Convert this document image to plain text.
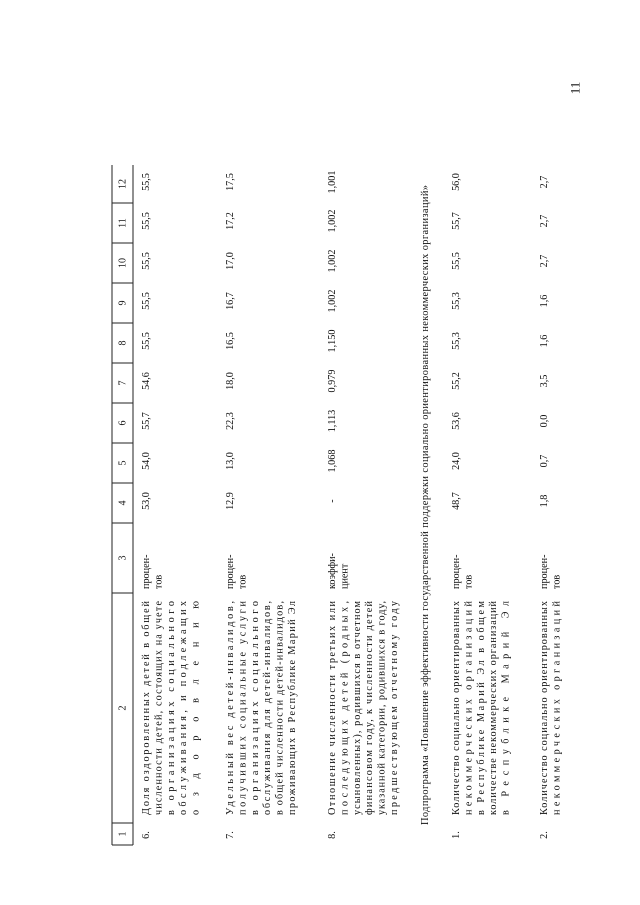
11
1
2
3
4
5
6
7
8
9
10
11
12
6.
Доля оздоровленных детей в общей
численности детей, состоящих на учете
в организациях социального
обслуживания, и подлежащих
оздоровлению
процен- тов
53,0
54,0
55,7
54,6
55,5
55,5
55,5
55,5
55,5
7.
Удельный вес детей-инвалидов,
получивших социальные услуги
в организациях социального
обслуживания для детей-инвалидов,
в общей численности детей-инвалидов,
проживающих в Республике Марий Эл
процен- тов
12,9
13,0
22,3
18,0
16,5
16,7
17,0
17,2
17,5
8.
Отношение численности третьих или
последующих детей (родных,
усыновленных), родившихся в отчетном
финансовом году, к численности детей
указанной категории, родившихся в году,
предшествующем отчетному году
коэффи- циент
-
1,068
1,113
0,979
1,150
1,002
1,002
1,002
1,001
Подпрограмма «Повышение эффективности государственной поддержки социально ориентированных некоммерческих организаций»
1.
Количество социально ориентированных
некоммерческих организаций
в Республике Марий Эл в общем
количестве некоммерческих организаций
в Республике Марий Эл
процен- тов
48,7
24,0
53,6
55,2
55,3
55,3
55,5
55,7
56,0
2.
Количество социально ориентированных
некоммерческих организаций
процен- тов
1,8
0,7
0,0
3,5
1,6
1,6
2,7
2,7
2,7
